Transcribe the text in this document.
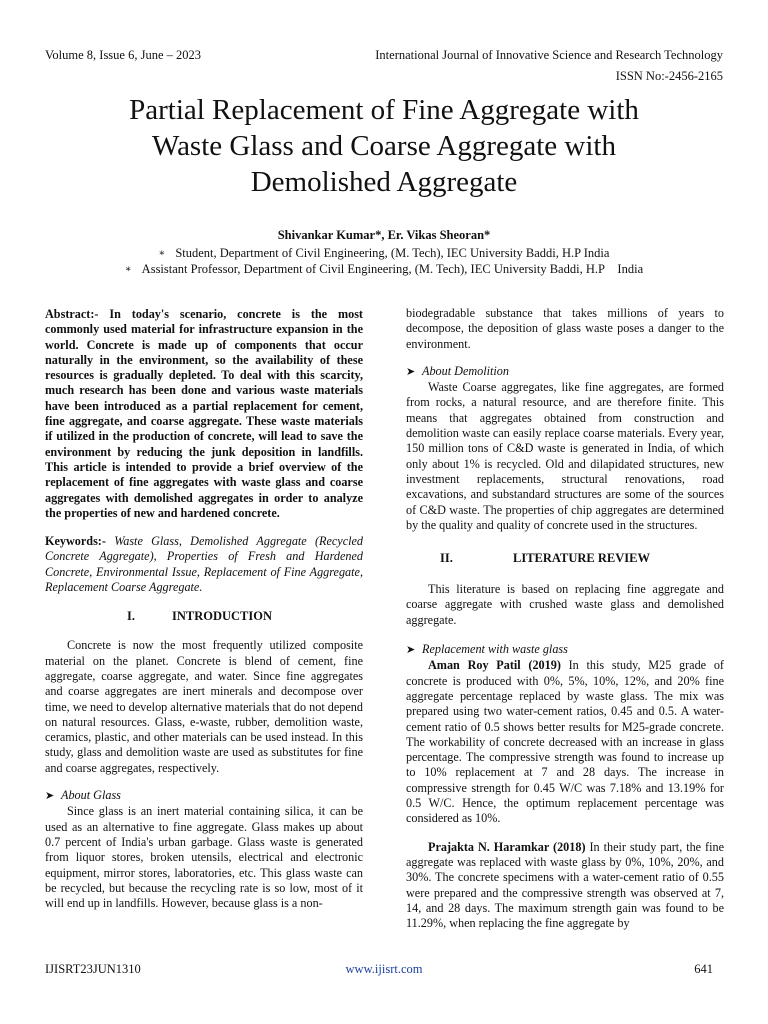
Volume 8, Issue 6, June – 2023	International Journal of Innovative Science and Research Technology
ISSN No:-2456-2165
Partial Replacement of Fine Aggregate with
Waste Glass and Coarse Aggregate with
Demolished Aggregate
Shivankar Kumar*, Er. Vikas Sheoran*
∗ Student, Department of Civil Engineering, (M. Tech), IEC University Baddi, H.P India
∗ Assistant Professor, Department of Civil Engineering, (M. Tech), IEC University Baddi, H.P    India

Abstract:- In today's scenario, concrete is the most commonly used material for infrastructure expansion in the world. Concrete is made up of components that occur naturally in the environment, so the availability of these resources is gradually depleted. To deal with this scarcity, much research has been done and various waste materials have been introduced as a partial replacement for cement, fine aggregate, and coarse aggregate. These waste materials if utilized in the production of concrete, will lead to save the environment by reducing the junk deposition in landfills. This article is intended to provide a brief overview of the replacement of fine aggregates with waste glass and coarse aggregates with demolished aggregates in order to analyze the properties of new and hardened concrete.

Keywords:- Waste Glass, Demolished Aggregate (Recycled Concrete Aggregate), Properties of Fresh and Hardened Concrete, Environmental Issue, Replacement of Fine Aggregate, Replacement Coarse Aggregate.

I.	INTRODUCTION

Concrete is now the most frequently utilized composite material on the planet. Concrete is blend of cement, fine aggregate, coarse aggregate, and water. Since fine aggregates and coarse aggregates are inert minerals and decompose over time, we need to develop alternative materials that do not depend on natural resources. Glass, e-waste, rubber, demolition waste, ceramics, plastic, and other materials can be used instead. In this study, glass and demolition waste are used as substitutes for fine and coarse aggregates, respectively.

➤ About Glass

Since glass is an inert material containing silica, it can be used as an alternative to fine aggregate. Glass makes up about 0.7 percent of India's urban garbage. Glass waste is generated from liquor stores, broken utensils, electrical and electronic equipment, mirror stores, laboratories, etc. This glass waste can be recycled, but because the recycling rate is so low, most of it will end up in landfills. However, because glass is a non-

biodegradable substance that takes millions of years to decompose, the deposition of glass waste poses a danger to the environment.

➤ About Demolition

Waste Coarse aggregates, like fine aggregates, are formed from rocks, a natural resource, and are therefore finite. This means that aggregates obtained from construction and demolition waste can easily replace coarse materials. Every year, 150 million tons of C&D waste is generated in India, of which only about 1% is recycled. Old and dilapidated structures, new investment replacements, structural renovations, road excavations, and substandard structures are some of the sources of C&D waste. The properties of chip aggregates are determined by the quality and quality of concrete used in the structures.

II.	LITERATURE REVIEW

This literature is based on replacing fine aggregate and coarse aggregate with crushed waste glass and demolished aggregate.

➤ Replacement with waste glass

Aman Roy Patil (2019) In this study, M25 grade of concrete is produced with 0%, 5%, 10%, 12%, and 20% fine aggregate percentage replaced by waste glass. The mix was prepared using two water-cement ratios, 0.45 and 0.5. A water-cement ratio of 0.5 shows better results for M25-grade concrete. The workability of concrete decreased with an increase in glass percentage. The compressive strength was found to increase up to 10% replacement at 7 and 28 days. The increase in compressive strength for 0.45 W/C was 7.18% and 13.19% for 0.5 W/C. Hence, the optimum replacement percentage was considered as 10%.

Prajakta N. Haramkar (2018) In their study part, the fine aggregate was replaced with waste glass by 0%, 10%, 20%, and 30%. The concrete specimens with a water-cement ratio of 0.55 were prepared and the compressive strength was observed at 7, 14, and 28 days. The maximum strength gain was found to be 11.29%, when replacing the fine aggregate by

IJISRT23JUN1310	www.ijisrt.com	641
